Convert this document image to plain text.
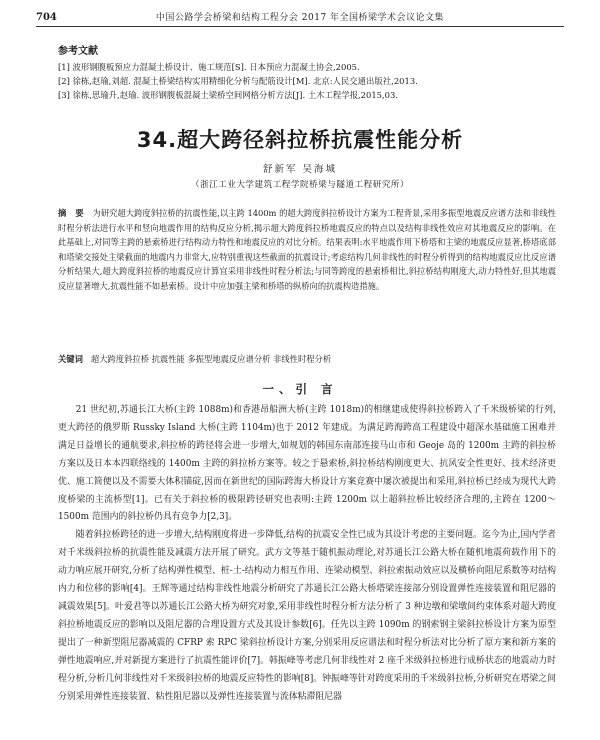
704	中国公路学会桥梁和结构工程分会 2017 年全国桥梁学术会议论文集
参考文献
[1] 波形钢腹板预应力混凝土桥设计、施工规范[S]. 日本预应力混凝土协会,2005.
[2] 徐栋,赵瑜,刘超. 混凝土桥梁结构实用精细化分析与配筋设计[M]. 北京:人民交通出版社,2013.
[3] 徐栋,思瑜升,赵瑜. 波形钢腹板混凝土梁桥空间网格分析方法[J]. 土木工程学报,2015,03.
34.超大跨径斜拉桥抗震性能分析
舒新军 吴海城
（浙江工业大学建筑工程学院桥梁与隧道工程研究所）
摘 要 为研究超大跨度斜拉桥的抗震性能,以主跨 1400m 的超大跨度斜拉桥设计方案为工程背景,采用多振型地震反应谱方法和非线性时程分析法进行水平和竖向地震作用的结构反应分析,揭示超大跨度斜拉桥地震反应的特点以及结构非线性效应对其地震反应的影响。在此基础上,对同等主跨的悬索桥进行结构动力特性和地震反应的对比分析。结果表明:水平地震作用下桥塔和主梁的地震反应显著,桥塔底部和塔梁交接处主梁截面的地震内力非常大,应特别重视这些截面的抗震设计;考虑结构几何非线性的时程分析得到的结构地震反应比反应谱分析结果大,超大跨度斜拉桥的地震反应计算宜采用非线性时程分析法;与同等跨度的悬索桥相比,斜拉桥结构刚度大,动力特性好,但其地震反应显著增大,抗震性能不如悬索桥。设计中应加强主梁和桥塔的纵桥向的抗震构造措施。
关键词 超大跨度斜拉桥 抗震性能 多振型地震反应谱分析 非线性时程分析
一、引 言

21 世纪初,苏通长江大桥(主跨 1088m)和香港昂船洲大桥(主跨 1018m)的相继建成使得斜拉桥跨入了千米级桥梁的行列,更大跨径的俄罗斯 Russky Island 大桥(主跨 1104m)也于 2012 年建成。为满足跨海跨高工程建设中超深水基础施工困难并满足日益增长的通航要求,斜拉桥的跨径将会进一步增大,如规划的韩国东南部连接马山市和 Geoje 岛的 1200m 主跨的斜拉桥方案以及日本本四联络线的 1400m 主跨的斜拉桥方案等。较之于悬索桥,斜拉桥结构刚度更大、抗风安全性更好、技术经济更优、施工简便以及不需要大体积锚碇,因而在新世纪的国际跨海大桥设计方案竞赛中屡次被提出和采用,斜拉桥已经成为现代大跨度桥梁的主流桥型[1]。已有关于斜拉桥的极限跨径研究也表明:主跨 1200m 以上超斜拉桥比较经济合理的,主跨在 1200～1500m 范围内的斜拉桥仍具有竞争力[2,3]。

随着斜拉桥跨径的进一步增大,结构刚度将进一步降低,结构的抗震安全性已成为其设计考虑的主要问题。迄今为止,国内学者对千米级斜拉桥的抗震性能及减震方法开展了研究。武方文等基于随机振动理论,对苏通长江公路大桥在随机地震荷载作用下的动力响应展开研究,分析了结构弹性模型、桩-土-结构动力相互作用、连梁动模型、斜拉索振动效应以及横桥向阻尼系数等对结构内力和位移的影响[4]。王辉等通过结构非线性地震分析研究了苏通长江公路大桥塔梁连接部分别设置弹性连接装置和阻尼器的减震效果[5]。叶爱君等以苏通长江公路大桥为研究对象,采用非线性时程分析方法分析了 3 种边墩和梁墩间约束体系对超大跨度斜拉桥地震反应的影响以及阻尼器的合理设置方式及其设计参数[6]。任先以主跨 1090m 的钢索钢主梁斜拉桥设计方案为原型提出了一种新型阻尼器减震的 CFRP 索 RPC 梁斜拉桥设计方案,分别采用反应谱法和时程分析法对比分析了原方案和新方案的弹性地震响应,并对新提方案进行了抗震性能评价[7]。韩振峰等考虑几何非线性对 2 座千米级斜拉桥进行成桥状态的地震动力时程分析,分析几何非线性对千米级斜拉桥的地震反应特性的影响[8]。钟振峰等针对跨度采用的千米级斜拉桥,分析研究在塔梁之间分别采用弹性连接装置、粘性阻尼器以及弹性连接装置与流体粘滞阻尼器
